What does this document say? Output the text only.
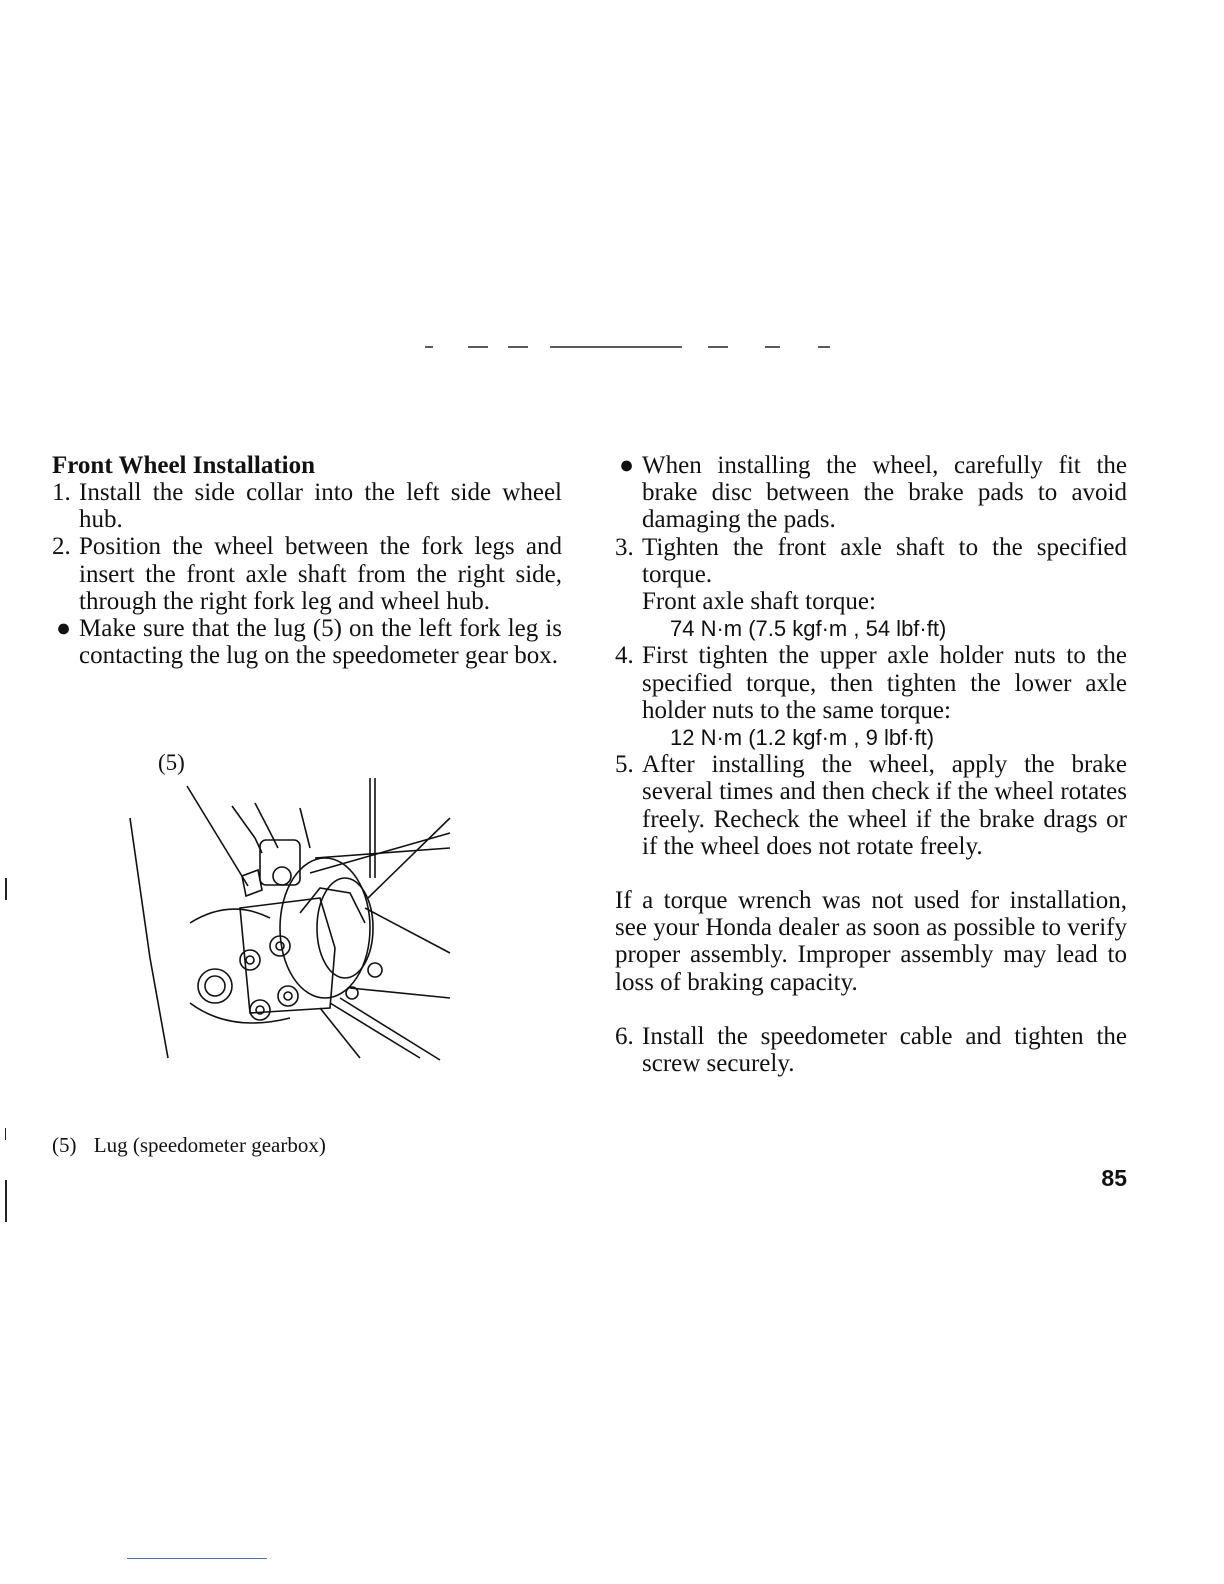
Front Wheel Installation

1. Install the side collar into the left side wheel hub.

2. Position the wheel between the fork legs and insert the front axle shaft from the right side, through the right fork leg and wheel hub.

● Make sure that the lug (5) on the left fork leg is contacting the lug on the speedometer gear box.

(5)
(5) Lug (speedometer gearbox)

● When installing the wheel, carefully fit the brake disc between the brake pads to avoid damaging the pads.

3. Tighten the front axle shaft to the specified torque.

Front axle shaft torque:

74 N·m (7.5 kgf·m , 54 lbf·ft)

4. First tighten the upper axle holder nuts to the specified torque, then tighten the lower axle holder nuts to the same torque:

12 N·m (1.2 kgf·m , 9 lbf·ft)

5. After installing the wheel, apply the brake several times and then check if the wheel rotates freely. Recheck the wheel if the brake drags or if the wheel does not rotate freely.

If a torque wrench was not used for installation, see your Honda dealer as soon as possible to verify proper assembly. Improper assembly may lead to loss of braking capacity.

6. Install the speedometer cable and tighten the screw securely.

85
